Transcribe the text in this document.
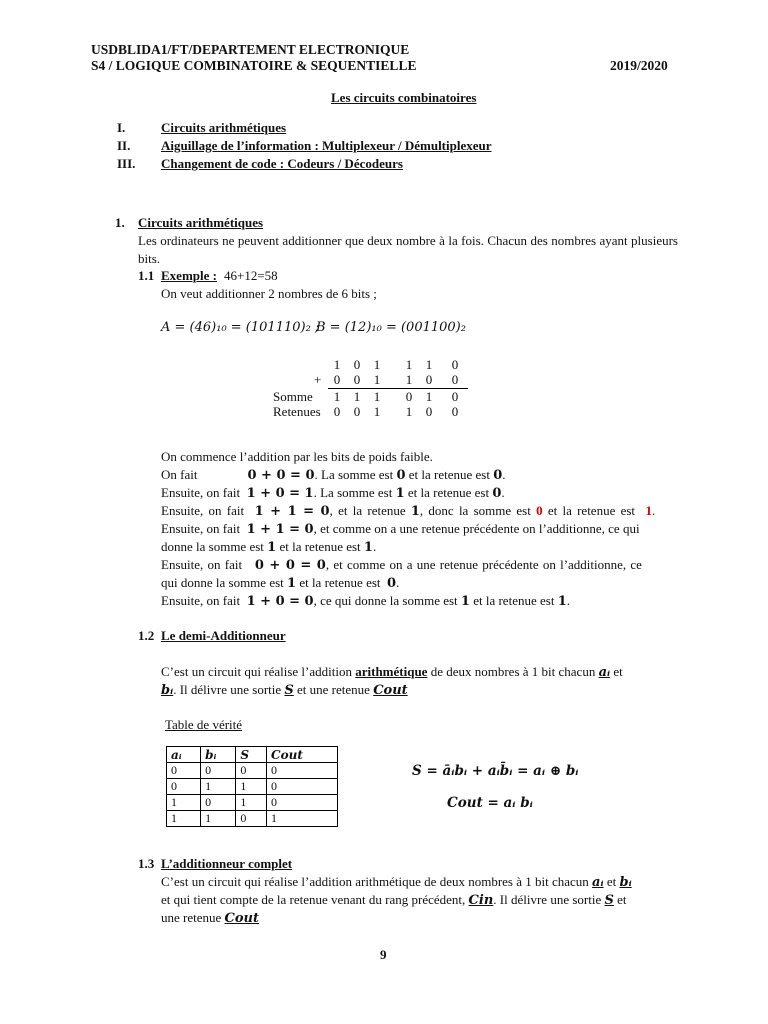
USDBLIDA1/FT/DEPARTEMENT ELECTRONIQUE
S4 / LOGIQUE COMBINATOIRE & SEQUENTIELLE	2019/2020
Les circuits combinatoires
I.	Circuits arithmétiques
II. Aiguillage de l’information : Multiplexeur / Démultiplexeur
III. Changement de code : Codeurs / Décodeurs
1. Circuits arithmétiques
Les ordinateurs ne peuvent additionner que deux nombre à la fois. Chacun des nombres ayant plusieurs bits.
1.1 Exemple : 46+12=58
On veut additionner 2 nombres de 6 bits ;
A = (46)₁₀ = (101110)₂ ;
B = (12)₁₀ = (001100)₂
1 0 1 1 1 0
+ 0 0 1 1 0 0
Somme 1 1 1 0 1 0
Retenues 0 0 1 1 0 0
On commence l’addition par les bits de poids faible.
On fait	0 + 0 = 0. La somme est 0 et la retenue est 0.
Ensuite, on fait 1 + 0 = 1. La somme est 1 et la retenue est 0.
Ensuite, on fait 1 + 1 = 0, et la retenue 1, donc la somme est 0 et la retenue est 1.
Ensuite, on fait 1 + 1 = 0, et comme on a une retenue précédente on l’additionne, ce qui
donne la somme est 1 et la retenue est 1.
Ensuite, on fait 0 + 0 = 0, et comme on a une retenue précédente on l’additionne, ce
qui donne la somme est 1 et la retenue est 0.
Ensuite, on fait 1 + 0 = 0, ce qui donne la somme est 1 et la retenue est 1.
1.2 Le demi-Additionneur
C’est un circuit qui réalise l’addition arithmétique de deux nombres à 1 bit chacun aᵢ et
bᵢ. Il délivre une sortie S et une retenue Cout
Table de vérité
aᵢ	bᵢ	S	Cout
0	0	0	0
0	1	1	0
1	0	1	0
1	1	0	1
S = āᵢbᵢ + aᵢb̄ᵢ = aᵢ ⊕ bᵢ
Cout = aᵢ bᵢ
1.3 L’additionneur complet
C’est un circuit qui réalise l’addition arithmétique de deux nombres à 1 bit chacun aᵢ et bᵢ
et qui tient compte de la retenue venant du rang précédent, Cin. Il délivre une sortie S et
une retenue Cout
9
